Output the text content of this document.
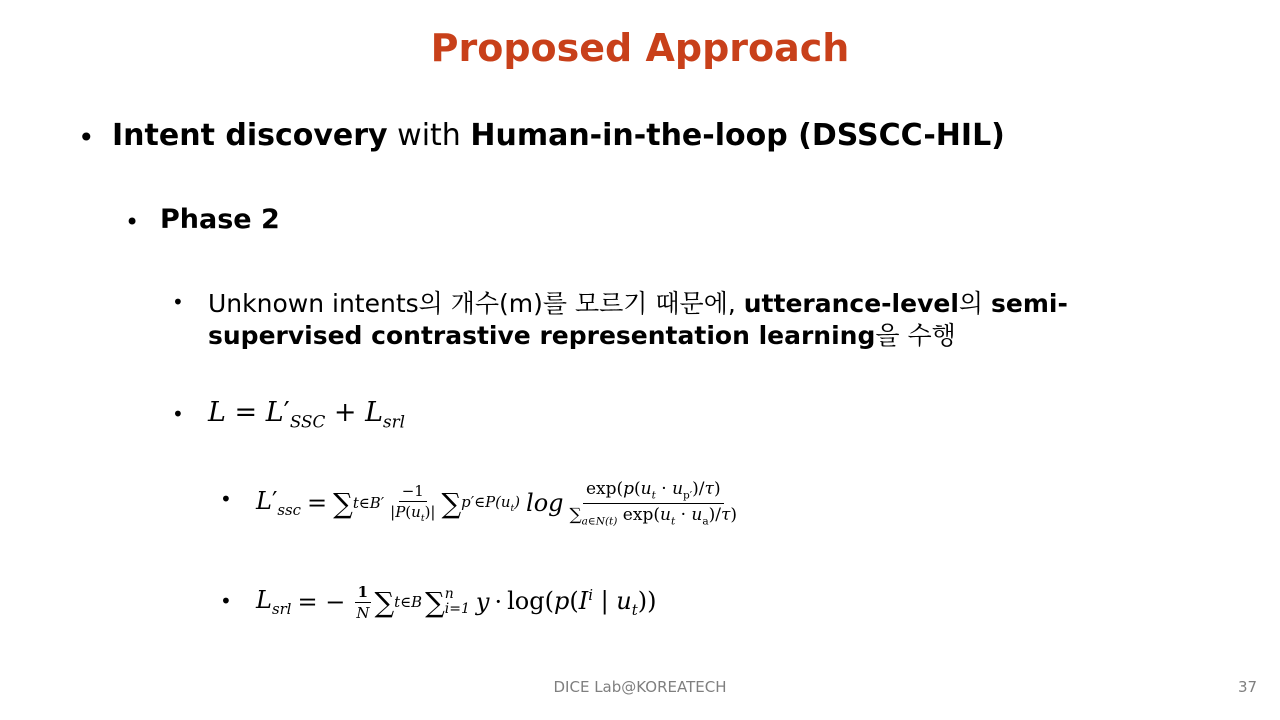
Proposed Approach
• Intent discovery with Human-in-the-loop (DSSCC-HIL)
• Phase 2
• Unknown intents의 개수(m)를 모르기 때문에, utterance-level의 semi-supervised contrastive representation learning을 수행
• $L = L'_{SSC} + L_{srl}$
• $L'_{ssc}$ = ∑ t∈B′ $\frac{-1}{|P(u_t)|}$ ∑ $p'\in P(u_t)$ $\log \frac{\exp(p(u_t \cdot u_{p'})/\tau)}{\sum_{a\in N(t)} \exp(u_t \cdot u_a)/\tau)}$
• $L_{srl}$ = − $\frac{1}{N}$ ∑ t∈B ∑ n
i=1 $y \cdot \log(p(I^i$ | $u_t$))
DICE Lab@KOREATECH	37
